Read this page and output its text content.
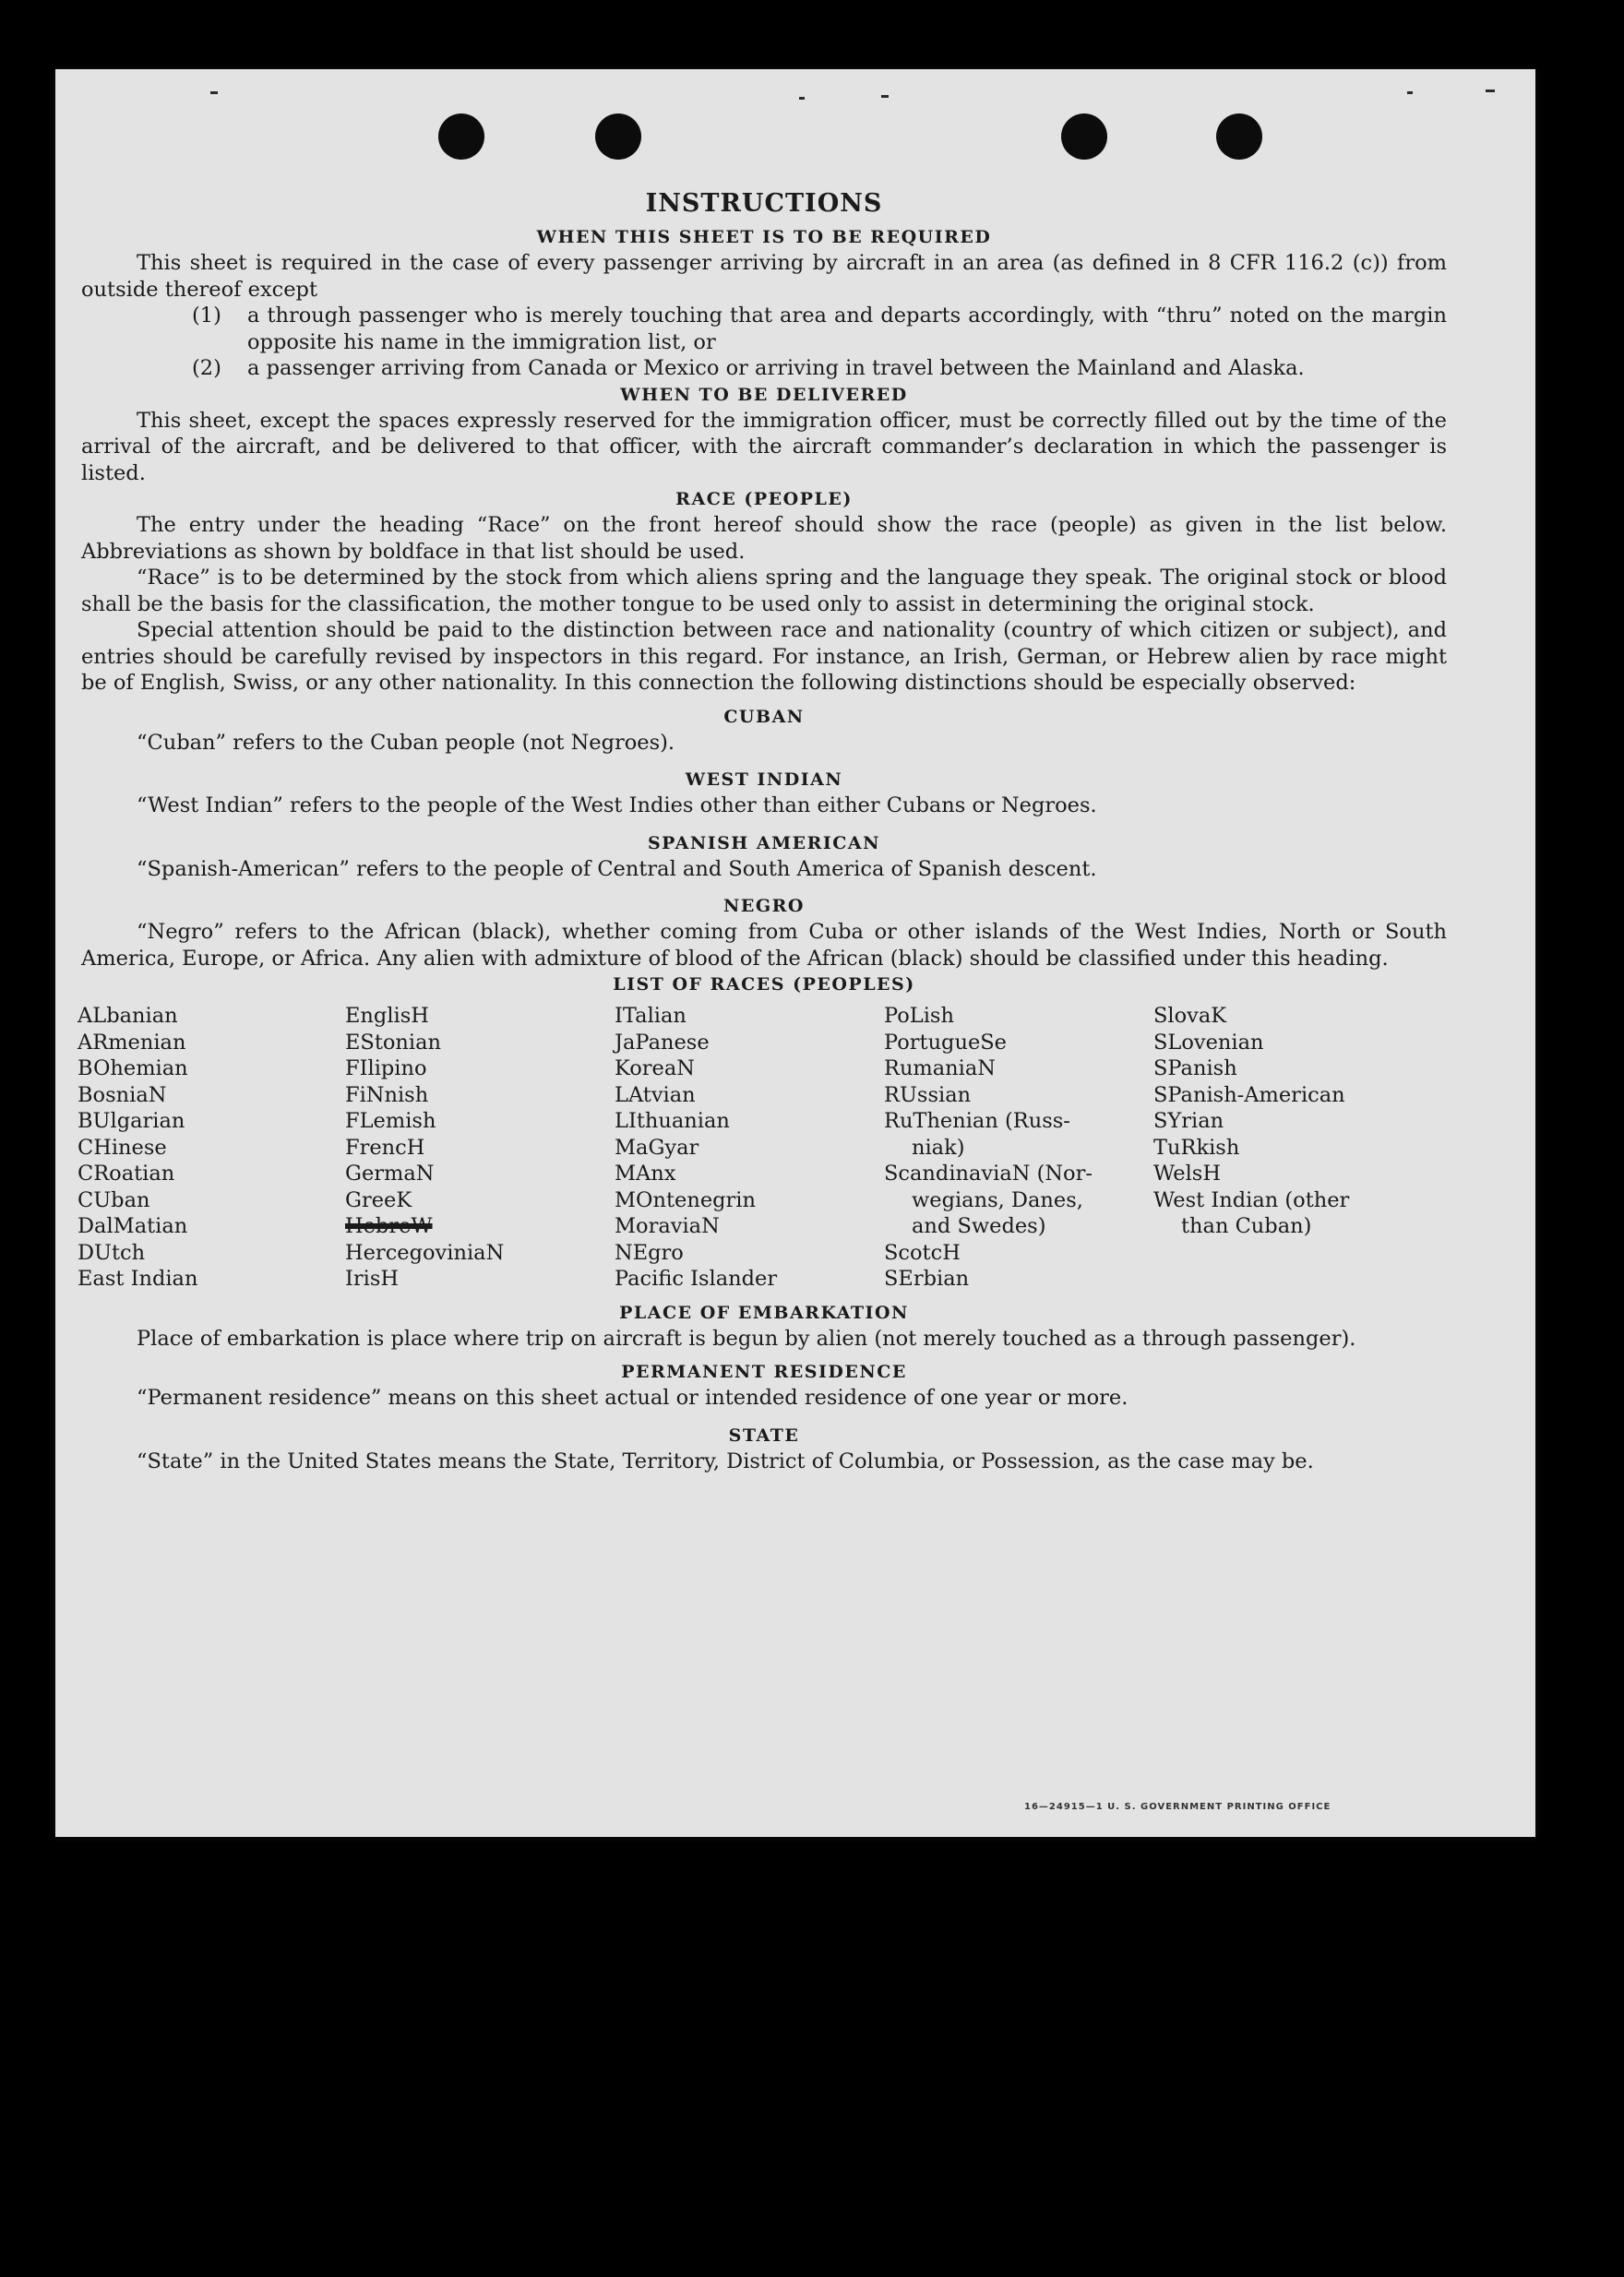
INSTRUCTIONS
WHEN THIS SHEET IS TO BE REQUIRED

This sheet is required in the case of every passenger arriving by aircraft in an area (as defined in 8 CFR 116.2 (c)) from outside thereof except

(1)	a through passenger who is merely touching that area and departs accordingly, with “thru” noted on the margin opposite his name in the immigration list, or
(2)	a passenger arriving from Canada or Mexico or arriving in travel between the Mainland and Alaska.
WHEN TO BE DELIVERED

This sheet, except the spaces expressly reserved for the immigration officer, must be correctly filled out by the time of the arrival of the aircraft, and be delivered to that officer, with the aircraft commander’s declaration in which the passenger is listed.

RACE (PEOPLE)

The entry under the heading “Race” on the front hereof should show the race (people) as given in the list below. Abbreviations as shown by boldface in that list should be used.

“Race” is to be determined by the stock from which aliens spring and the language they speak. The original stock or blood shall be the basis for the classification, the mother tongue to be used only to assist in determining the original stock.

Special attention should be paid to the distinction between race and nationality (country of which citizen or subject), and entries should be carefully revised by inspectors in this regard. For instance, an Irish, German, or Hebrew alien by race might be of English, Swiss, or any other nationality. In this connection the following distinctions should be especially observed:

CUBAN

“Cuban” refers to the Cuban people (not Negroes).

WEST INDIAN

“West Indian” refers to the people of the West Indies other than either Cubans or Negroes.

SPANISH AMERICAN

“Spanish-American” refers to the people of Central and South America of Spanish descent.

NEGRO

“Negro” refers to the African (black), whether coming from Cuba or other islands of the West Indies, North or South America, Europe, or Africa. Any alien with admixture of blood of the African (black) should be classified under this heading.

LIST OF RACES (PEOPLES)
ALbanian
ARmenian
BOhemian
BosniaN
BUlgarian
CHinese
CRoatian
CUban
DalMatian
DUtch
East Indian
EnglisH
EStonian
FIlipino
FiNnish
FLemish
FrencH
GermaN
GreeK
HebreW
HercegoviniaN
IrisH
ITalian
JaPanese
KoreaN
LAtvian
LIthuanian
MaGyar
MAnx
MOntenegrin
MoraviaN
NEgro
Pacific Islander
PoLish
PortugueSe
RumaniaN
RUssian
RuThenian (Russ-
niak)
ScandinaviaN (Nor-
wegians, Danes,
and Swedes)
ScotcH
SErbian
SlovaK
SLovenian
SPanish
SPanish-American
SYrian
TuRkish
WelsH
West Indian (other
than Cuban)
PLACE OF EMBARKATION

Place of embarkation is place where trip on aircraft is begun by alien (not merely touched as a through passenger).

PERMANENT RESIDENCE

“Permanent residence” means on this sheet actual or intended residence of one year or more.

STATE

“State” in the United States means the State, Territory, District of Columbia, or Possession, as the case may be.

16—24915—1 U. S. GOVERNMENT PRINTING OFFICE
